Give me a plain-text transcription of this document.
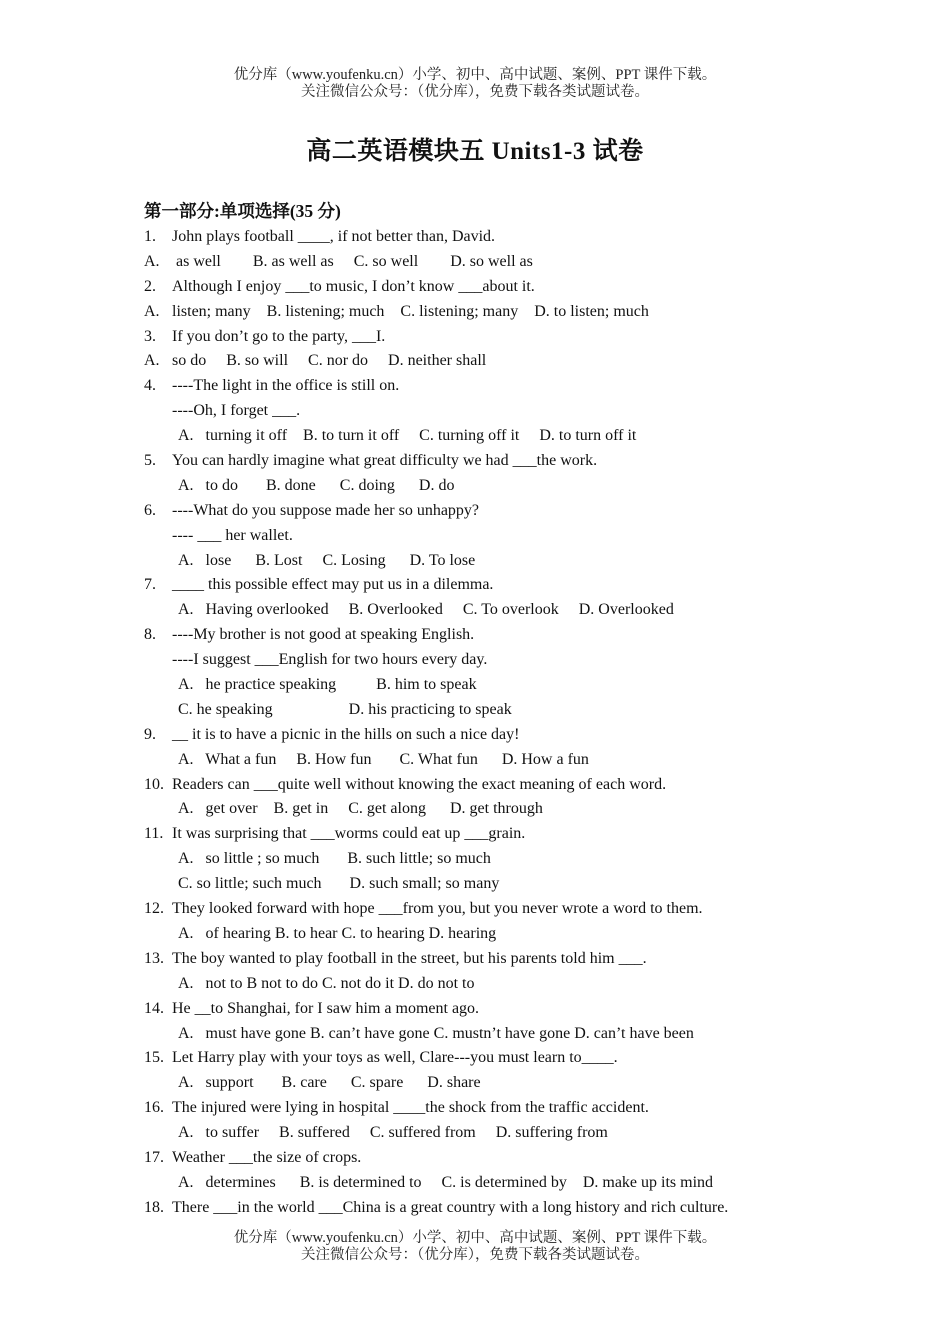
优分库（www.youfenku.cn）小学、初中、高中试题、案例、PPT 课件下载。
关注微信公众号：（优分库），免费下载各类试题试卷。
高二英语模块五 Units1-3 试卷
第一部分:单项选择(35 分)
1. John plays football ____, if not better than, David.
A. as well        B. as well as     C. so well        D. so well as
2. Although I enjoy ___to music, I don’t know ___about it.
A. listen; many    B. listening; much    C. listening; many    D. to listen; much
3. If you don’t go to the party, ___I.
A. so do     B. so will     C. nor do     D. neither shall
4. ----The light in the office is still on.
----Oh, I forget ___.
A.   turning it off    B. to turn it off     C. turning off it     D. to turn off it
5. You can hardly imagine what great difficulty we had ___the work.
A.   to do       B. done      C. doing      D. do
6. ----What do you suppose made her so unhappy?
---- ___ her wallet.
A.   lose      B. Lost     C. Losing      D. To lose
7. ____ this possible effect may put us in a dilemma.
A.   Having overlooked     B. Overlooked     C. To overlook     D. Overlooked
8. ----My brother is not good at speaking English.
----I suggest ___English for two hours every day.
A.   he practice speaking          B. him to speak
C. he speaking                   D. his practicing to speak
9. __ it is to have a picnic in the hills on such a nice day!
A.   What a fun     B. How fun       C. What fun      D. How a fun
10. Readers can ___quite well without knowing the exact meaning of each word.
A.   get over    B. get in     C. get along      D. get through
11. It was surprising that ___worms could eat up ___grain.
A.   so little ; so much       B. such little; so much
C. so little; such much       D. such small; so many
12. They looked forward with hope ___from you, but you never wrote a word to them.
A.   of hearing B. to hear C. to hearing D. hearing
13. The boy wanted to play football in the street, but his parents told him ___.
A.   not to B not to do C. not do it D. do not to
14. He __to Shanghai, for I saw him a moment ago.
A.   must have gone B. can’t have gone C. mustn’t have gone D. can’t have been
15. Let Harry play with your toys as well, Clare---you must learn to____.
A.   support       B. care      C. spare      D. share
16. The injured were lying in hospital ____the shock from the traffic accident.
A.   to suffer     B. suffered     C. suffered from     D. suffering from
17. Weather ___the size of crops.
A.   determines      B. is determined to     C. is determined by    D. make up its mind
18. There ___in the world ___China is a great country with a long history and rich culture.
优分库（www.youfenku.cn）小学、初中、高中试题、案例、PPT 课件下载。
关注微信公众号：（优分库），免费下载各类试题试卷。
